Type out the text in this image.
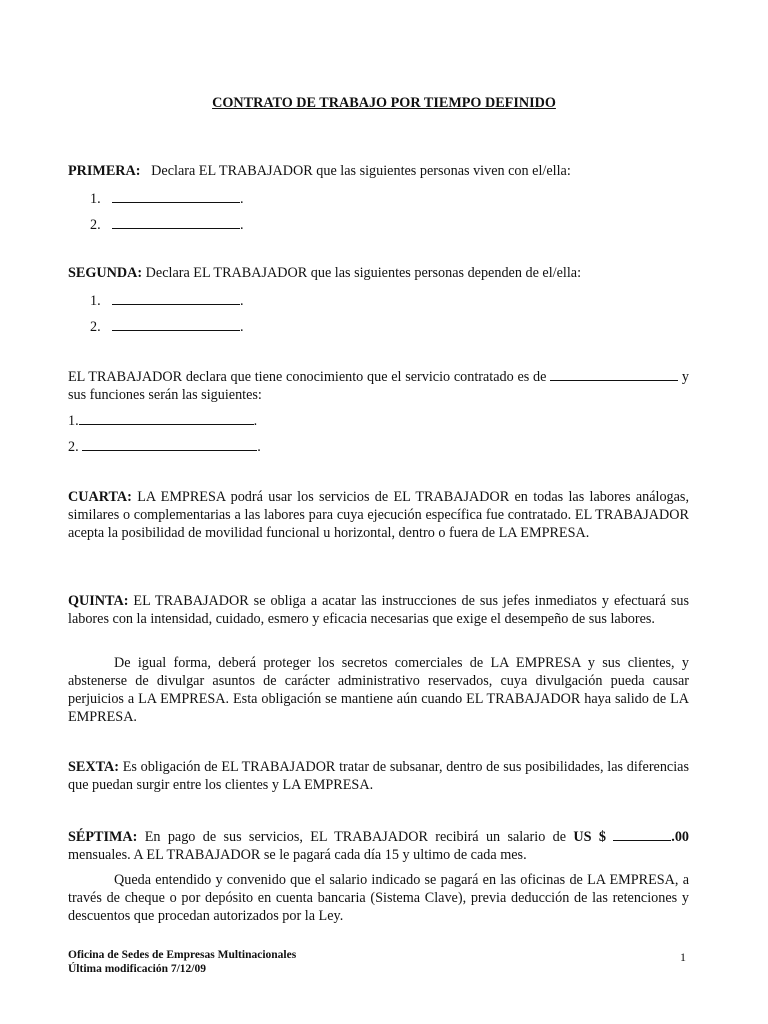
CONTRATO DE TRABAJO POR TIEMPO DEFINIDO
PRIMERA: Declara EL TRABAJADOR que las siguientes personas viven con el/ella:
1.	.
2.	.
SEGUNDA: Declara EL TRABAJADOR que las siguientes personas dependen de el/ella:
1.	.
2.	.
EL TRABAJADOR declara que tiene conocimiento que el servicio contratado es de	y sus funciones serán las siguientes:
1.	.
2.	.
CUARTA: LA EMPRESA podrá usar los servicios de EL TRABAJADOR en todas las labores análogas, similares o complementarias a las labores para cuya ejecución específica fue contratado. EL TRABAJADOR acepta la posibilidad de movilidad funcional u horizontal, dentro o fuera de LA EMPRESA.
QUINTA: EL TRABAJADOR se obliga a acatar las instrucciones de sus jefes inmediatos y efectuará sus labores con la intensidad, cuidado, esmero y eficacia necesarias que exige el desempeño de sus labores.
De igual forma, deberá proteger los secretos comerciales de LA EMPRESA y sus clientes, y abstenerse de divulgar asuntos de carácter administrativo reservados, cuya divulgación pueda causar perjuicios a LA EMPRESA. Esta obligación se mantiene aún cuando EL TRABAJADOR haya salido de LA EMPRESA.
SEXTA: Es obligación de EL TRABAJADOR tratar de subsanar, dentro de sus posibilidades, las diferencias que puedan surgir entre los clientes y LA EMPRESA.
SÉPTIMA: En pago de sus servicios, EL TRABAJADOR recibirá un salario de US $	.00 mensuales. A EL TRABAJADOR se le pagará cada día 15 y ultimo de cada mes.
Queda entendido y convenido que el salario indicado se pagará en las oficinas de LA EMPRESA, a través de cheque o por depósito en cuenta bancaria (Sistema Clave), previa deducción de las retenciones y descuentos que procedan autorizados por la Ley.
Oficina de Sedes de Empresas Multinacionales
Última modificación 7/12/09
1
